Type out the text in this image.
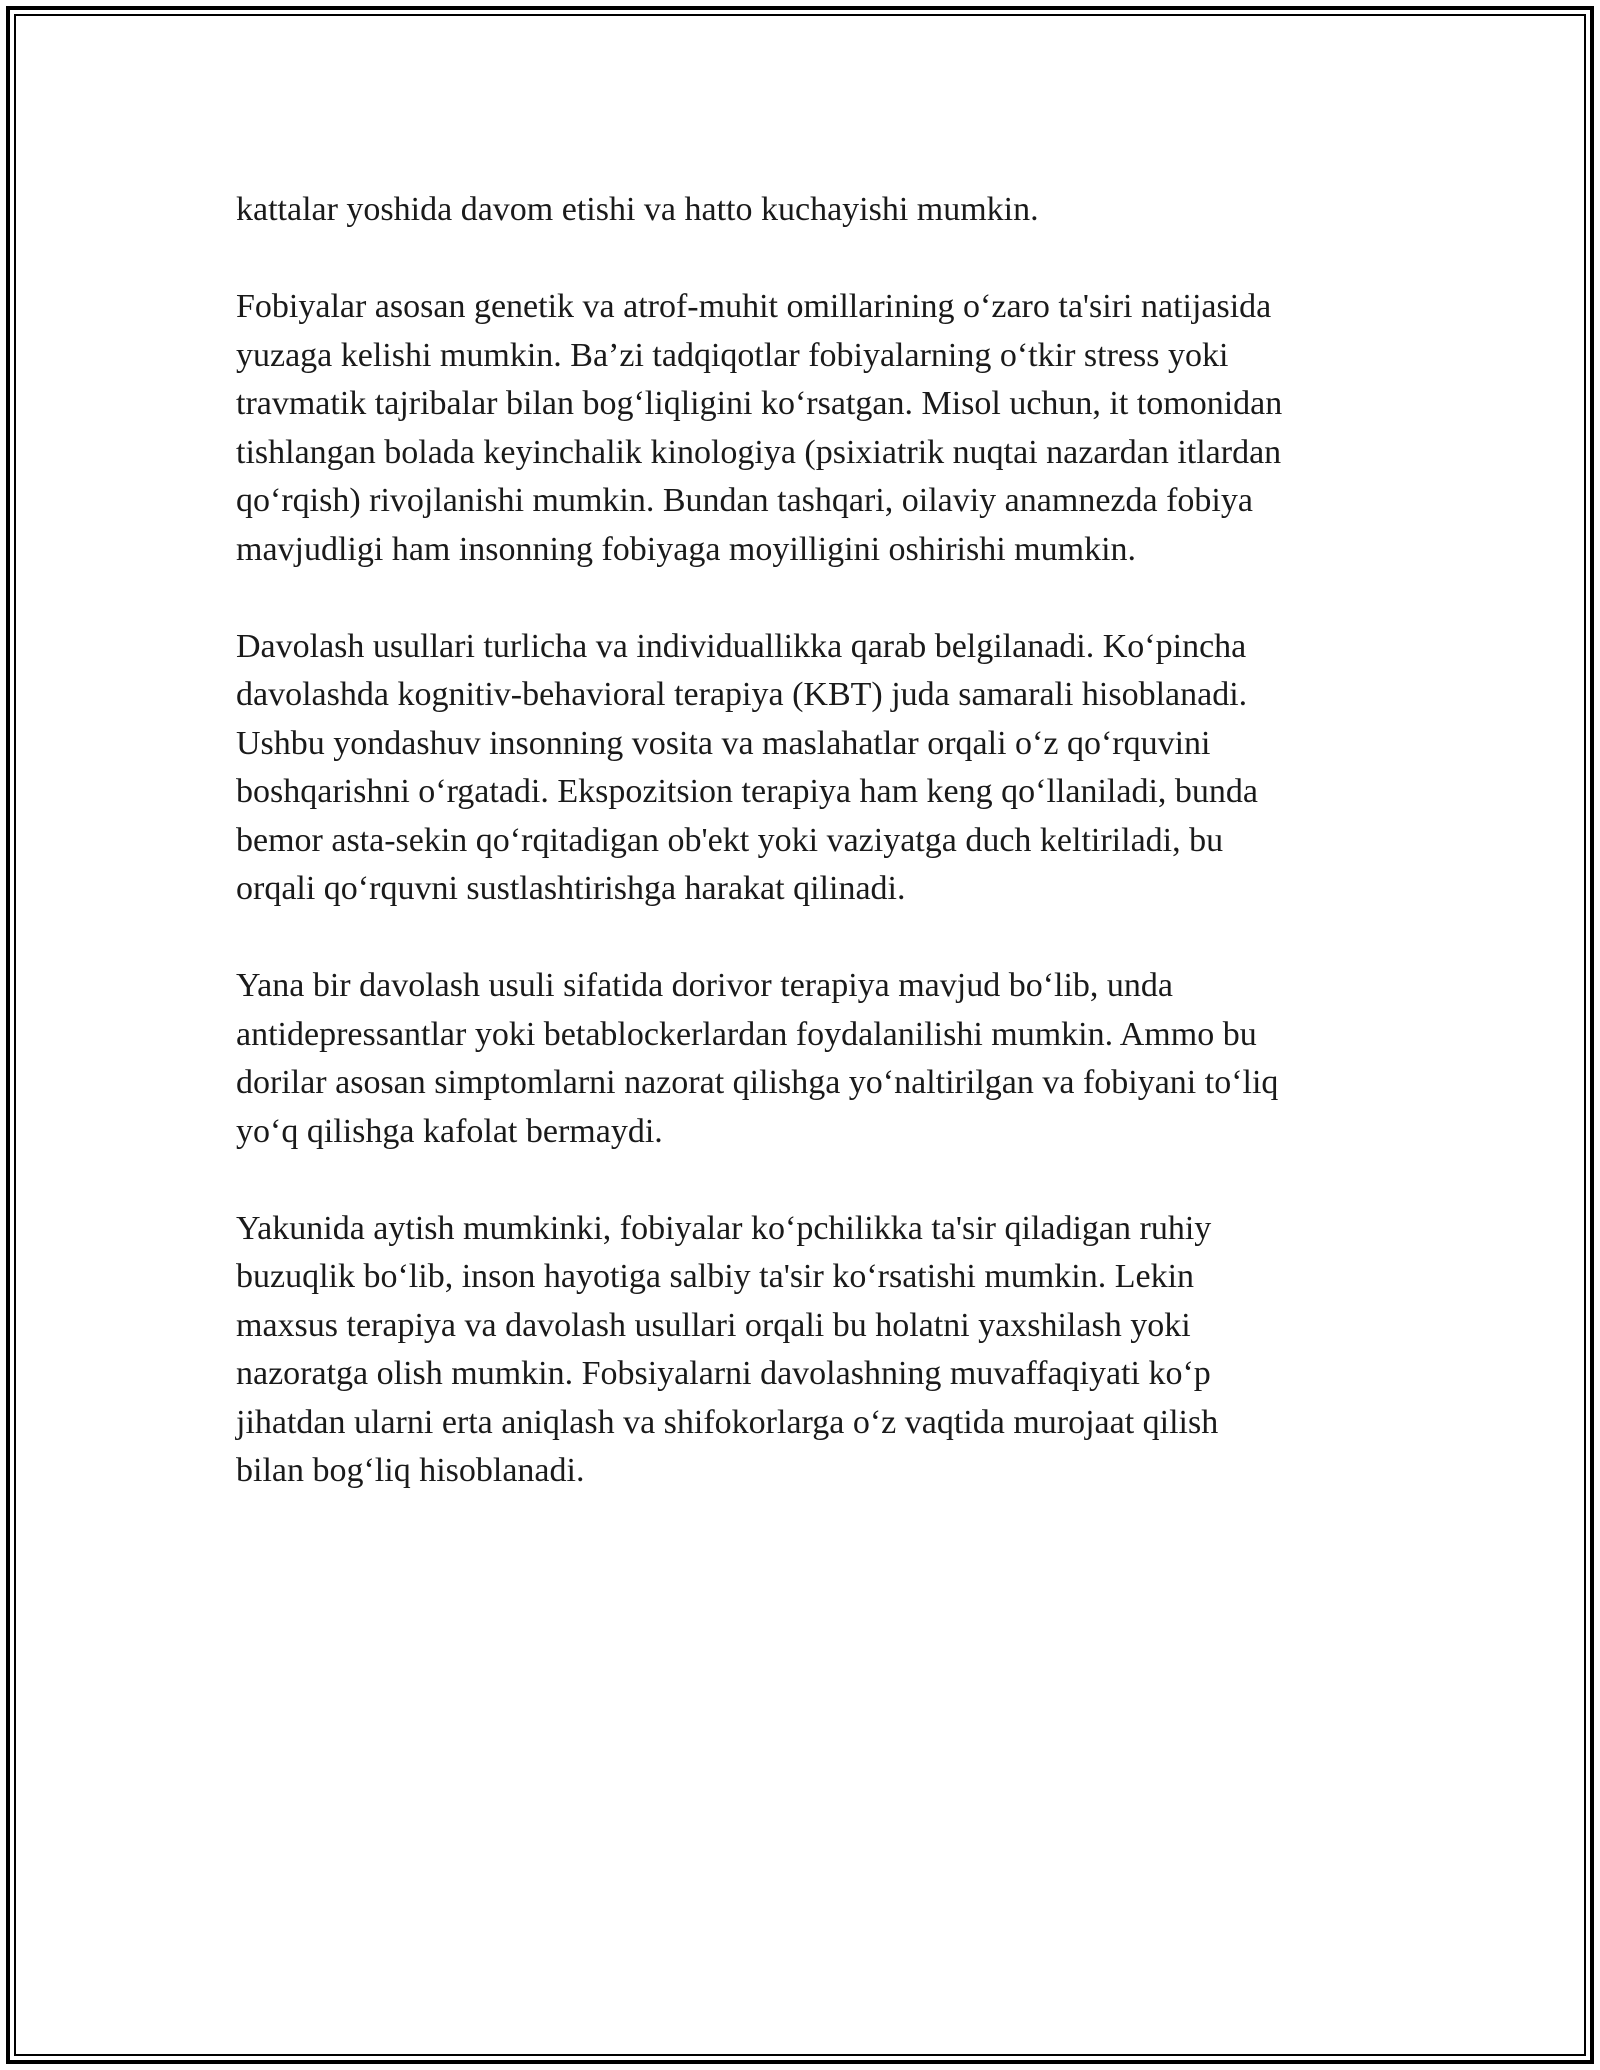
kattalar yoshida davom etishi va hatto kuchayishi mumkin.

Fobiyalar asosan genetik va atrof-muhit omillarining o‘zaro ta'siri natijasida
yuzaga kelishi mumkin. Ba’zi tadqiqotlar fobiyalarning o‘tkir stress yoki
travmatik tajribalar bilan bog‘liqligini ko‘rsatgan. Misol uchun, it tomonidan
tishlangan bolada keyinchalik kinologiya (psixiatrik nuqtai nazardan itlardan
qo‘rqish) rivojlanishi mumkin. Bundan tashqari, oilaviy anamnezda fobiya
mavjudligi ham insonning fobiyaga moyilligini oshirishi mumkin.

Davolash usullari turlicha va individuallikka qarab belgilanadi. Ko‘pincha
davolashda kognitiv-behavioral terapiya (KBT) juda samarali hisoblanadi.
Ushbu yondashuv insonning vosita va maslahatlar orqali o‘z qo‘rquvini
boshqarishni o‘rgatadi. Ekspozitsion terapiya ham keng qo‘llaniladi, bunda
bemor asta-sekin qo‘rqitadigan ob'ekt yoki vaziyatga duch keltiriladi, bu
orqali qo‘rquvni sustlashtirishga harakat qilinadi.

Yana bir davolash usuli sifatida dorivor terapiya mavjud bo‘lib, unda
antidepressantlar yoki betablockerlardan foydalanilishi mumkin. Ammo bu
dorilar asosan simptomlarni nazorat qilishga yo‘naltirilgan va fobiyani to‘liq
yo‘q qilishga kafolat bermaydi.

Yakunida aytish mumkinki, fobiyalar ko‘pchilikka ta'sir qiladigan ruhiy
buzuqlik bo‘lib, inson hayotiga salbiy ta'sir ko‘rsatishi mumkin. Lekin
maxsus terapiya va davolash usullari orqali bu holatni yaxshilash yoki
nazoratga olish mumkin. Fobsiyalarni davolashning muvaffaqiyati ko‘p
jihatdan ularni erta aniqlash va shifokorlarga o‘z vaqtida murojaat qilish
bilan bog‘liq hisoblanadi.
